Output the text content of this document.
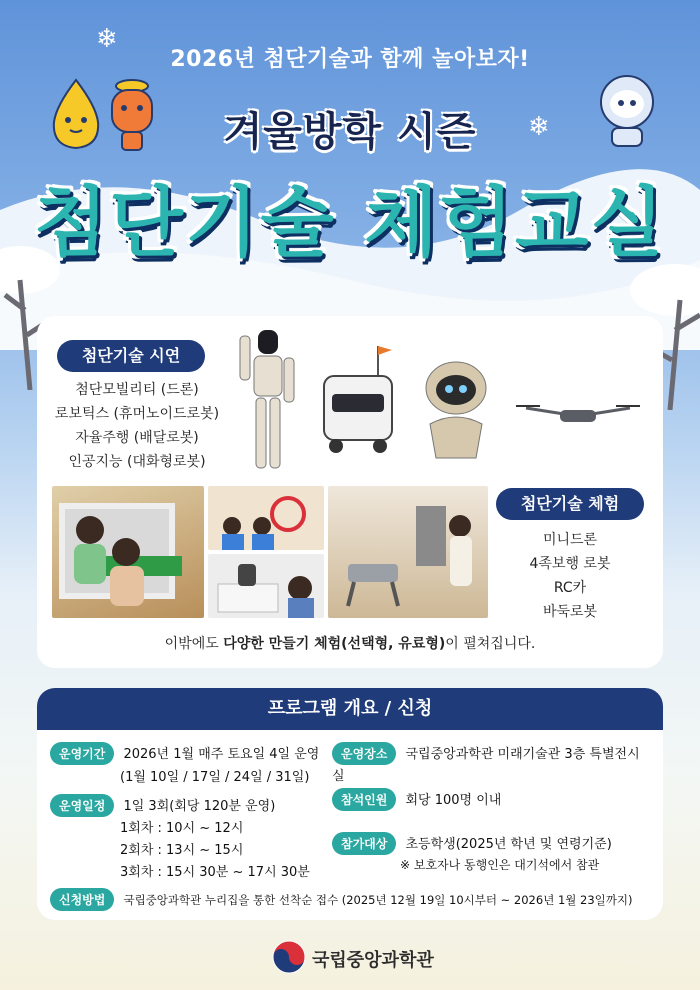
❄
❄
2026년 첨단기술과 함께 놀아보자!
겨울방학 시즌
첨단기술 체험교실
첨단기술 시연
첨단모빌리티 (드론)
로보틱스 (휴머노이드로봇)
자율주행 (배달로봇)
인공지능 (대화형로봇)
첨단기술 체험
미니드론
4족보행 로봇
RC카
바둑로봇
이밖에도 다양한 만들기 체험(선택형, 유료형)이 펼쳐집니다.
프로그램 개요 / 신청
운영기간 2026년 1월 매주 토요일 4일 운영
(1월 10일 / 17일 / 24일 / 31일)
운영일정 1일 3회(회당 120분 운영)
1회차 : 10시 ~ 12시
2회차 : 13시 ~ 15시
3회차 : 15시 30분 ~ 17시 30분
운영장소 국립중앙과학관 미래기술관 3층 특별전시실
참석인원 회당 100명 이내
참가대상 초등학생(2025년 학년 및 연령기준)
※ 보호자나 동행인은 대기석에서 참관
신청방법 국립중앙과학관 누리집을 통한 선착순 접수 (2025년 12월 19일 10시부터 ~ 2026년 1월 23일까지)
국립중앙과학관
